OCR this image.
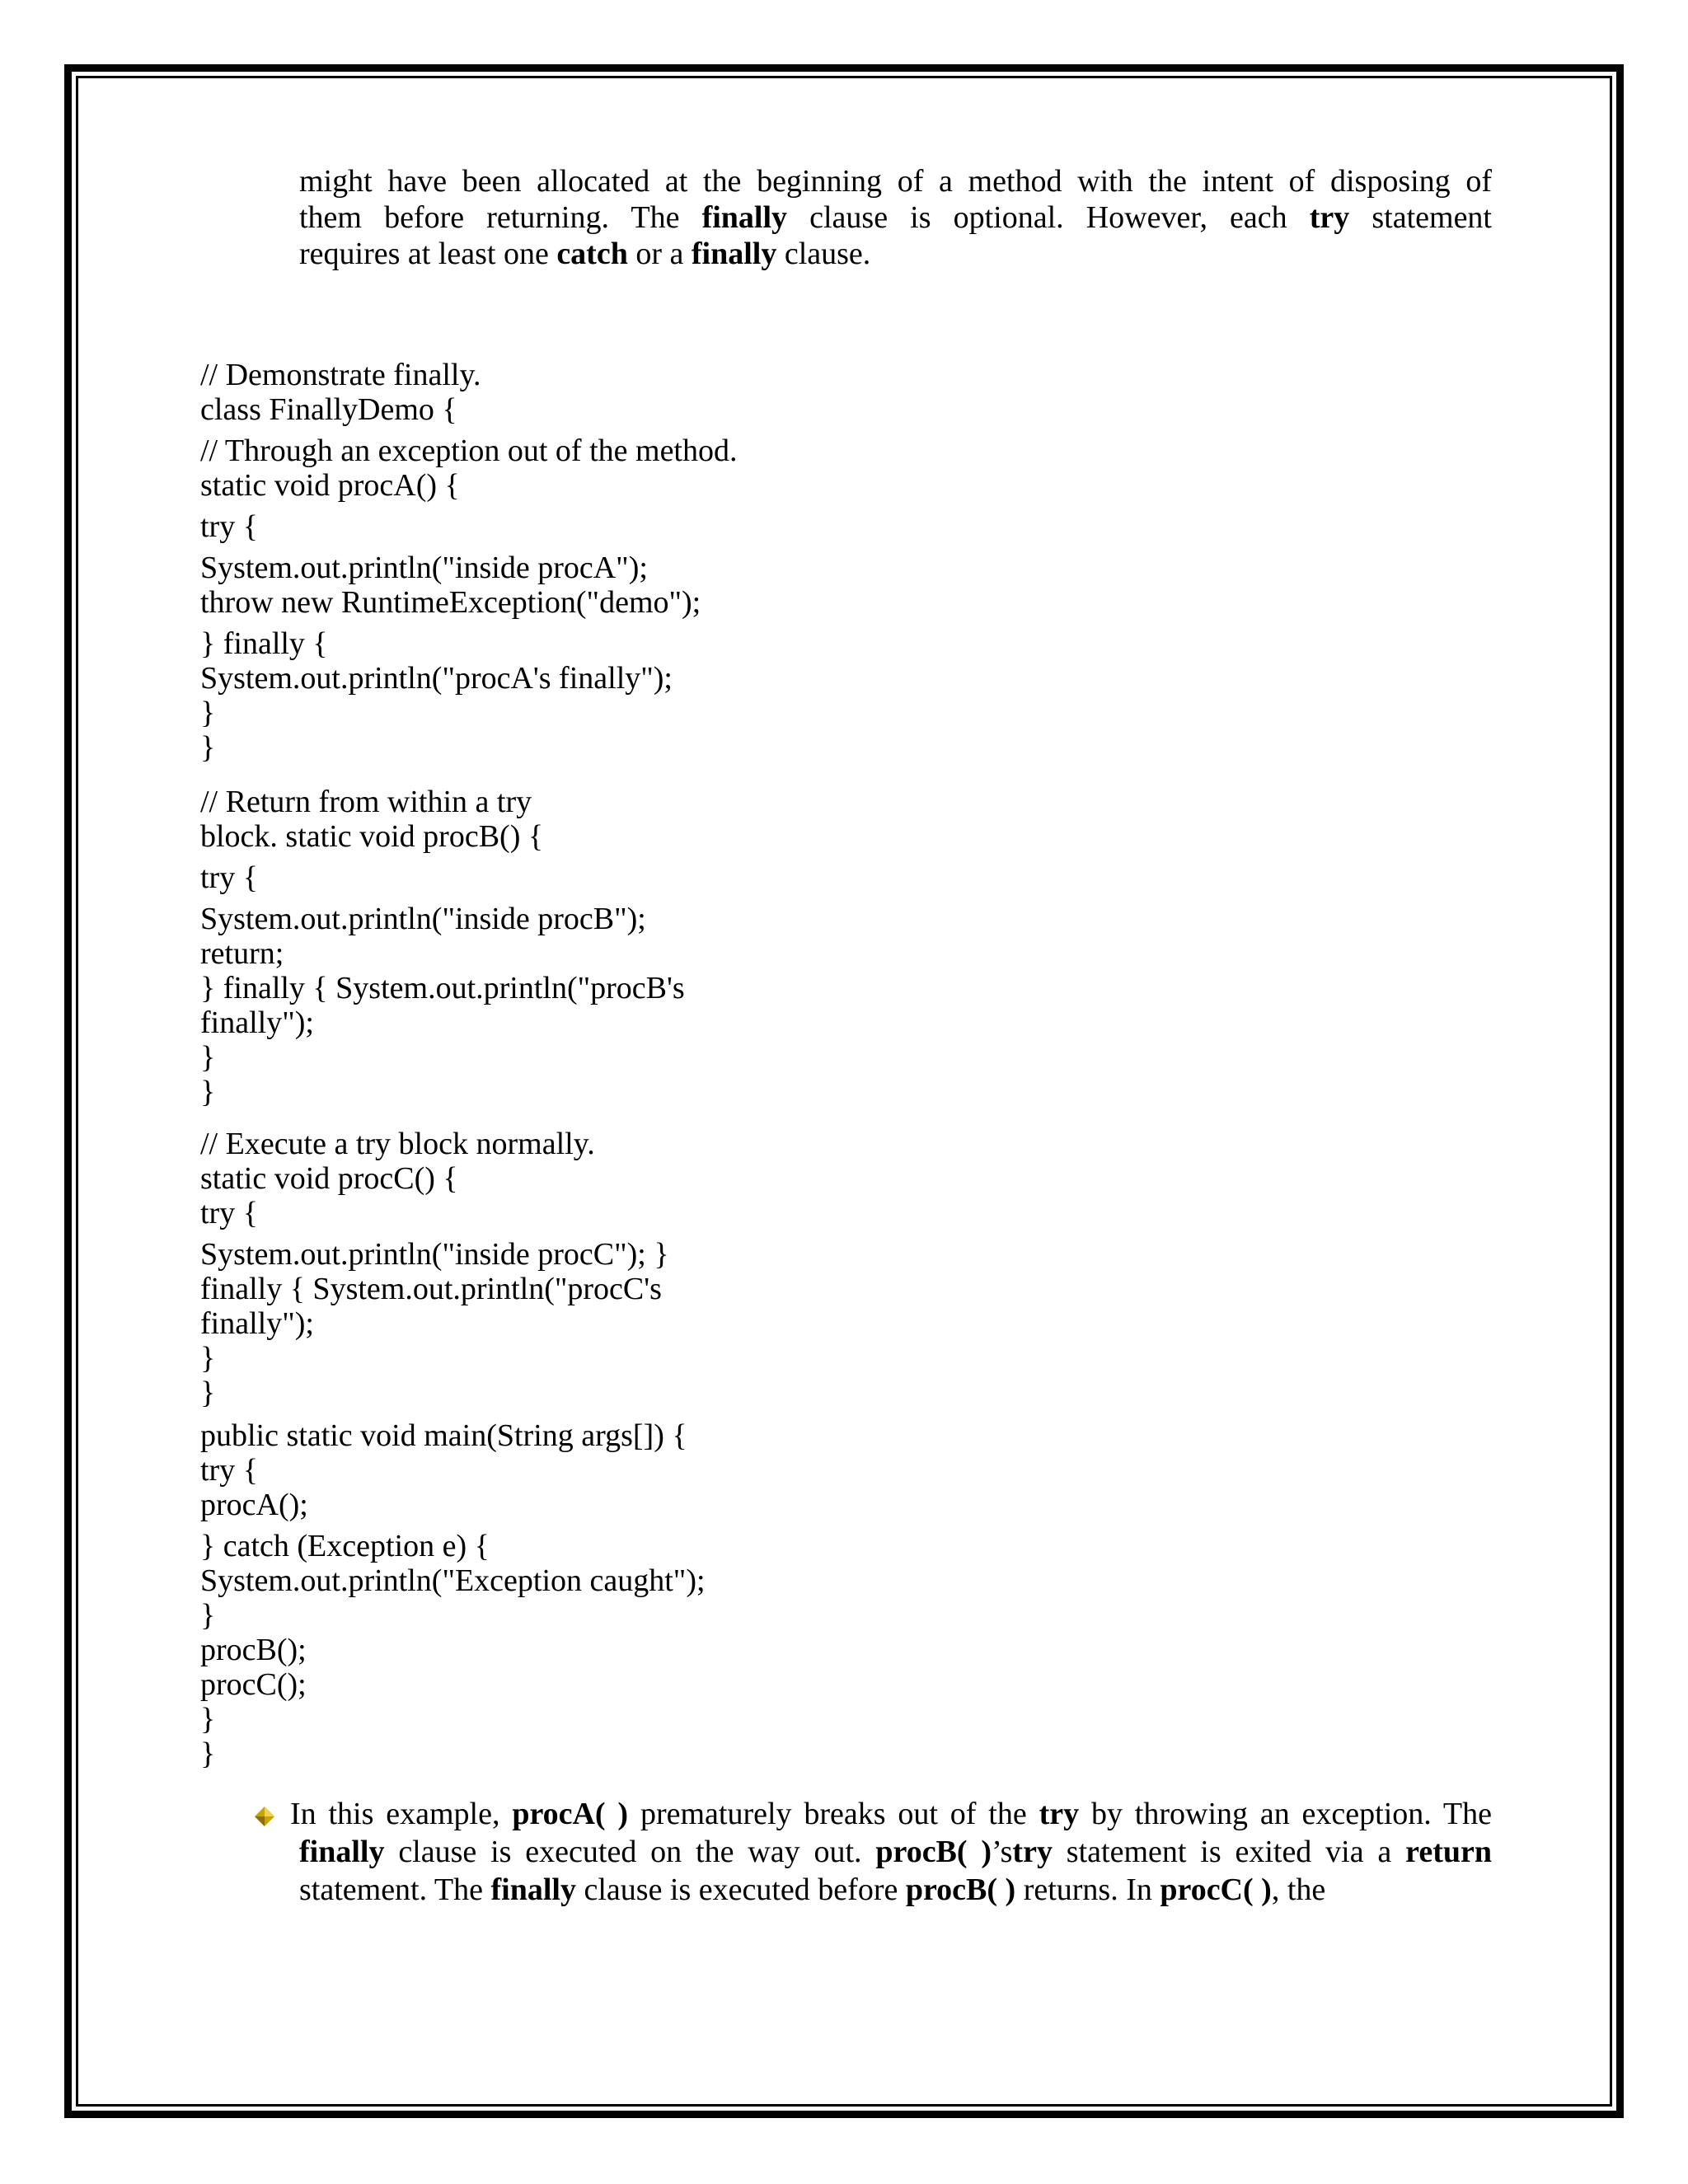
might have been allocated at the beginning of a method with the intent of disposing of
them before returning. The finally clause is optional. However, each try statement
requires at least one catch or a finally clause.
// Demonstrate finally.
class FinallyDemo {
// Through an exception out of the method.
static void procA() {
try {
System.out.println("inside procA");
throw new RuntimeException("demo");
} finally {
System.out.println("procA's finally");
}
}
// Return from within a try
block. static void procB() {
try {
System.out.println("inside procB");
return;
} finally { System.out.println("procB's
finally");
}
}
// Execute a try block normally.
static void procC() {
try {
System.out.println("inside procC"); }
finally { System.out.println("procC's
finally");
}
}
public static void main(String args[]) {
try {
procA();
} catch (Exception e) {
System.out.println("Exception caught");
}
procB();
procC();
}
}
In this example, procA( ) prematurely breaks out of the try by throwing an exception. The
finally clause is executed on the way out. procB( )’stry statement is exited via a return
statement. The finally clause is executed before procB( ) returns. In procC( ), the
